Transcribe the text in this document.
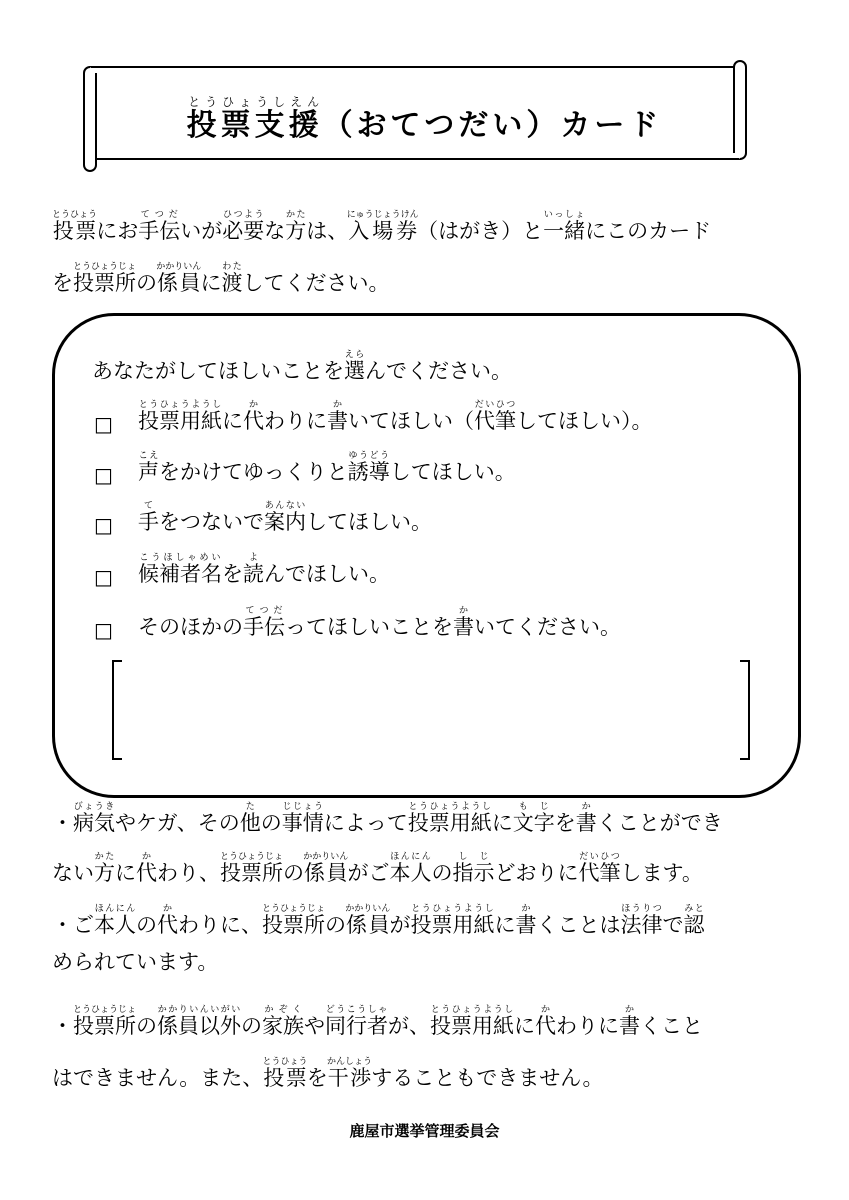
投票支援とうひょうしえん（おてつだい）カード
投票とうひょうにお手伝てつだいが必要ひつような方かたは、入場券にゅうじょうけん（はがき）と一緒いっしょにこのカード
を投票所とうひょうじょの係員かかりいんに渡わたしてください。
あなたがしてほしいことを選えらんでください。
□ 投票用紙とうひょうようしに代かわりに書かいてほしい（代筆だいひつしてほしい）。
□ 声こえをかけてゆっくりと誘導ゆうどうしてほしい。
□ 手てをつないで案内あんないしてほしい。
□ 候補者名こうほしゃめいを読よんでほしい。
□ そのほかの手伝てつだってほしいことを書かいてください。
・病気びょうきやケガ、その他たの事情じじょうによって投票用紙とうひょうようしに文字もじを書かくことができ
ない方かたに代かわり、投票所とうひょうじょの係員かかりいんがご本人ほんにんの指示しじどおりに代筆だいひつします。
・ご本人ほんにんの代かわりに、投票所とうひょうじょの係員かかりいんが投票用紙とうひょうようしに書かくことは法律ほうりつで認みと
められています。
・投票所とうひょうじょの係員以外かかりいんいがいの家族かぞくや同行者どうこうしゃが、投票用紙とうひょうようしに代かわりに書かくこと
はできません。また、投票とうひょうを干渉かんしょうすることもできません。
鹿屋市選挙管理委員会
